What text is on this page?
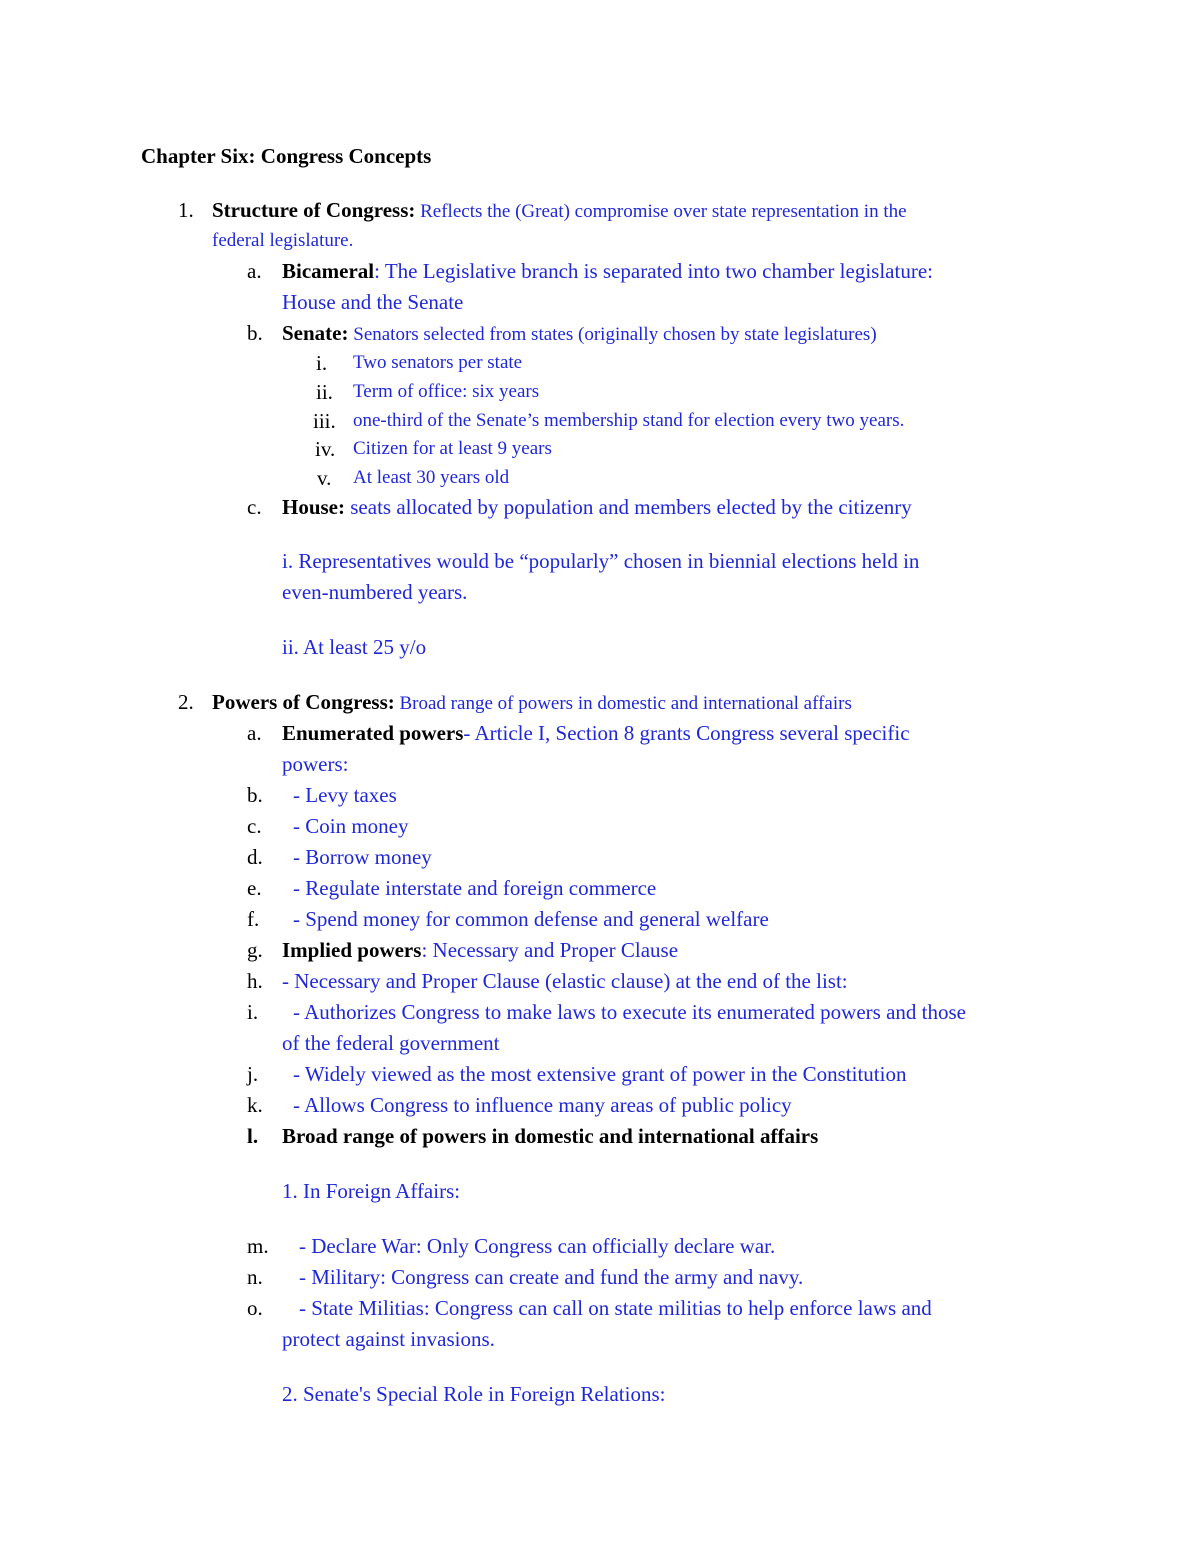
Chapter Six: Congress Concepts
1. Structure of Congress: Reflects the (Great) compromise over state representation in the
federal legislature.
a. Bicameral: The Legislative branch is separated into two chamber legislature:
House and the Senate
b. Senate: Senators selected from states (originally chosen by state legislatures)
i. Two senators per state
ii. Term of office: six years
iii. one-third of the Senate’s membership stand for election every two years.
iv. Citizen for at least 9 years
v. At least 30 years old
c. House: seats allocated by population and members elected by the citizenry
i. Representatives would be “popularly” chosen in biennial elections held in
even-numbered years.
ii. At least 25 y/o
2. Powers of Congress: Broad range of powers in domestic and international affairs
a. Enumerated powers- Article I, Section 8 grants Congress several specific
powers:
b. - Levy taxes
c. - Coin money
d. - Borrow money
e. - Regulate interstate and foreign commerce
f. - Spend money for common defense and general welfare
g. Implied powers: Necessary and Proper Clause
h. - Necessary and Proper Clause (elastic clause) at the end of the list:
i. - Authorizes Congress to make laws to execute its enumerated powers and those
of the federal government
j. - Widely viewed as the most extensive grant of power in the Constitution
k. - Allows Congress to influence many areas of public policy
l. Broad range of powers in domestic and international affairs
1. In Foreign Affairs:
m. - Declare War: Only Congress can officially declare war.
n. - Military: Congress can create and fund the army and navy.
o. - State Militias: Congress can call on state militias to help enforce laws and
protect against invasions.
2. Senate's Special Role in Foreign Relations:
